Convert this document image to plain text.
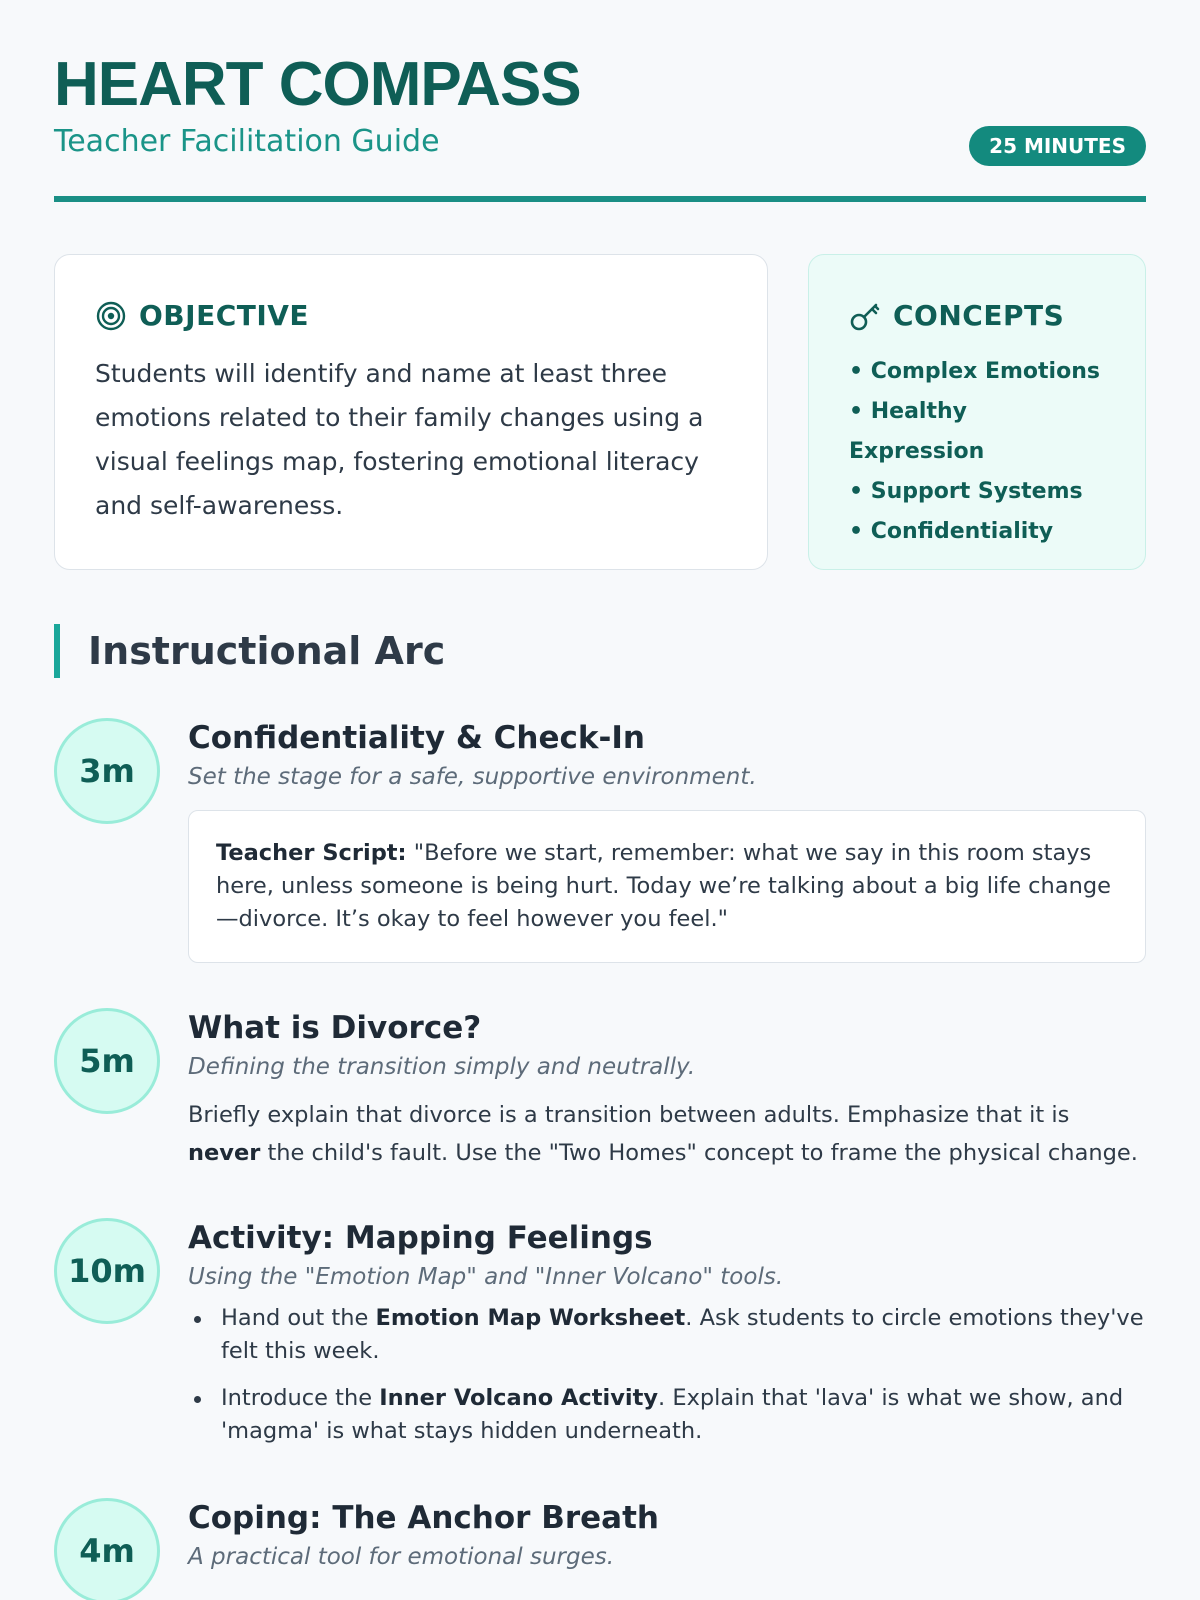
HEART COMPASS
Teacher Facilitation Guide	25 MINUTES
OBJECTIVE

Students will identify and name at least three emotions related to their family changes using a visual feelings map, fostering emotional literacy and self-awareness.

CONCEPTS
• Complex Emotions
• Healthy Expression
• Support Systems
• Confidentiality
Instructional Arc
3m
Confidentiality & Check-In
Set the stage for a safe, supportive environment.
Teacher Script: "Before we start, remember: what we say in this room stays here, unless someone is being hurt. Today we’re talking about a big life change—divorce. It’s okay to feel however you feel."
5m
What is Divorce?
Defining the transition simply and neutrally.

Briefly explain that divorce is a transition between adults. Emphasize that it is never the child's fault. Use the "Two Homes" concept to frame the physical change.

10m
Activity: Mapping Feelings
Using the "Emotion Map" and "Inner Volcano" tools.
Hand out the Emotion Map Worksheet. Ask students to circle emotions they've felt this week.
Introduce the Inner Volcano Activity. Explain that 'lava' is what we show, and 'magma' is what stays hidden underneath.
4m
Coping: The Anchor Breath
A practical tool for emotional surges.
